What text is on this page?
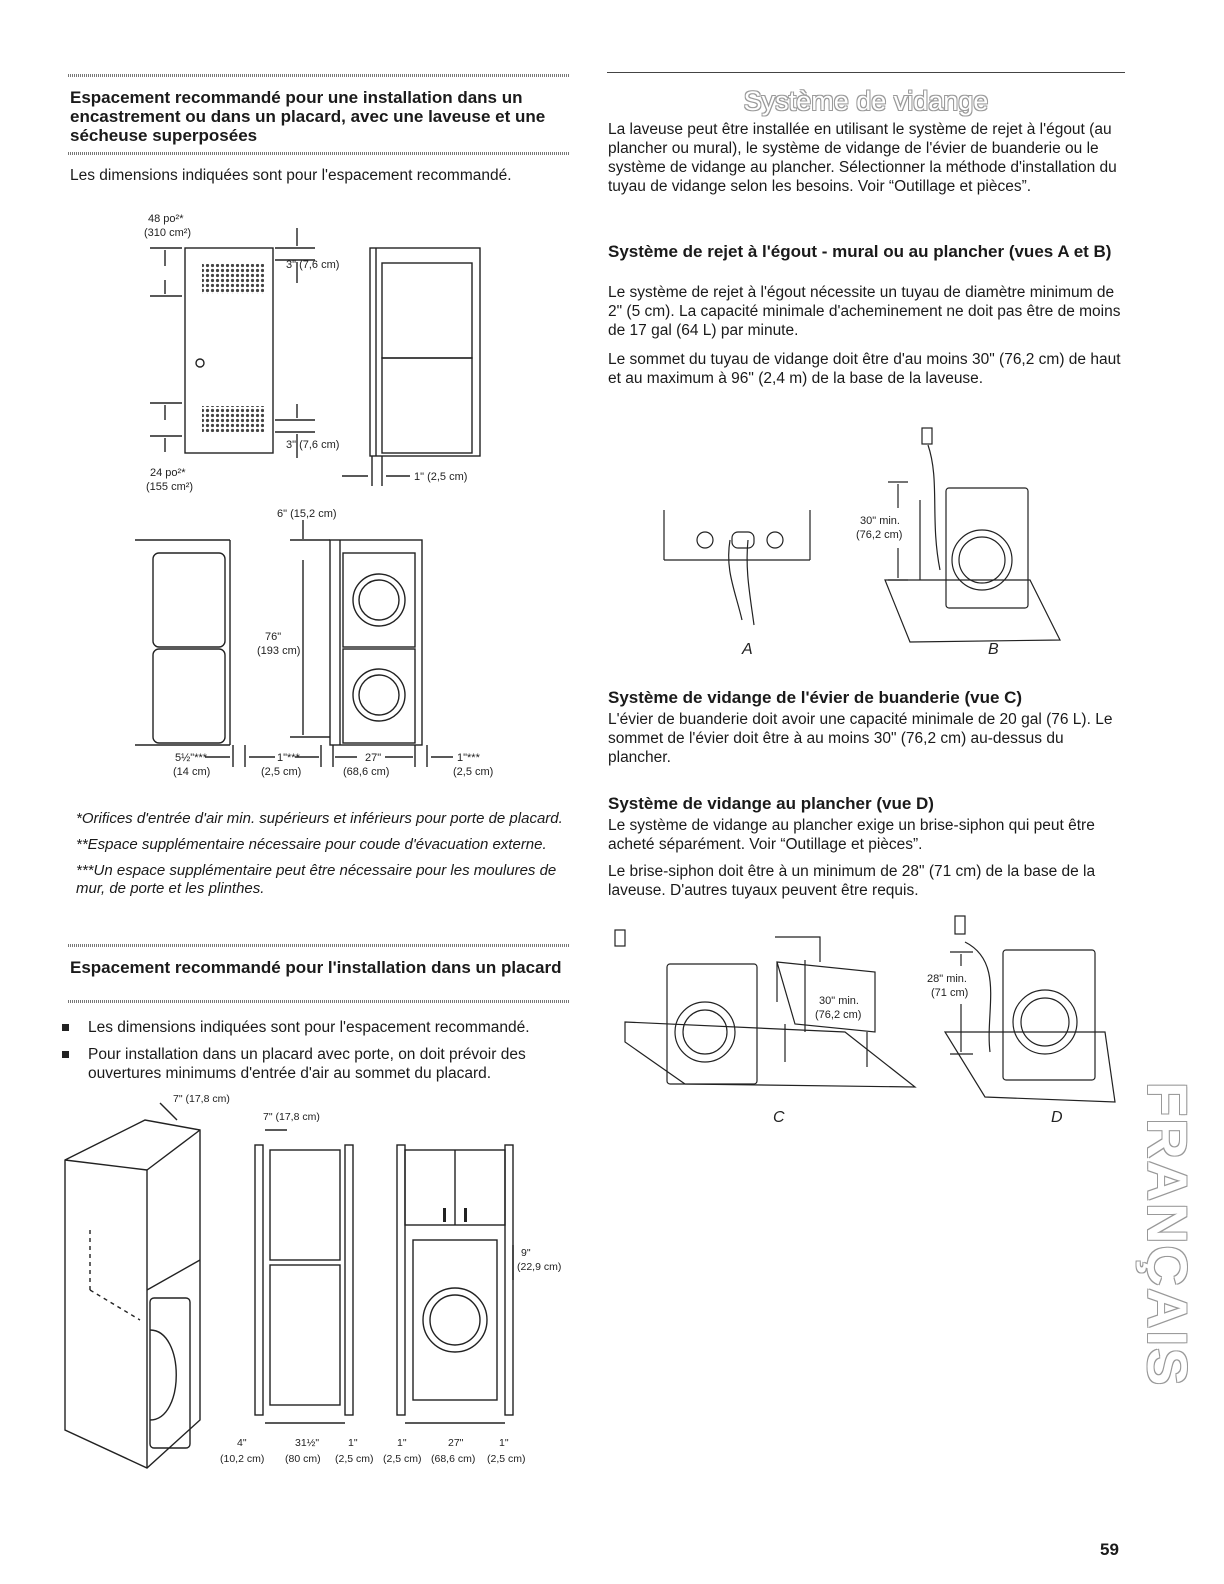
Espacement recommandé pour une installation dans un encastrement ou dans un placard, avec une laveuse et une sécheuse superposées

Les dimensions indiquées sont pour l'espacement recommandé.

48 po²*
(310 cm²)
3" (7,6 cm)
3" (7,6 cm)
24 po²*
(155 cm²)
1" (2,5 cm)
6" (15,2 cm)
76"
(193 cm)
5½"***
(14 cm)
1"***
(2,5 cm)
27"
(68,6 cm)
1"***
(2,5 cm)

*Orifices d'entrée d'air min. supérieurs et inférieurs pour porte de placard.

**Espace supplémentaire nécessaire pour coude d'évacuation externe.

***Un espace supplémentaire peut être nécessaire pour les moulures de mur, de porte et les plinthes.

Espacement recommandé pour l'installation dans un placard
Les dimensions indiquées sont pour l'espacement recommandé.
Pour installation dans un placard avec porte, on doit prévoir des ouvertures minimums d'entrée d'air au sommet du placard.
7" (17,8 cm)
7" (17,8 cm)
9"
(22,9 cm)
4"	31½"	1"	1"	27"	1"
(10,2 cm) (80 cm) (2,5 cm) (2,5 cm) (68,6 cm) (2,5 cm)
Système de vidange

La laveuse peut être installée en utilisant le système de rejet à l'égout (au plancher ou mural), le système de vidange de l'évier de buanderie ou le système de vidange au plancher. Sélectionner la méthode d'installation du tuyau de vidange selon les besoins. Voir “Outillage et pièces”.

Système de rejet à l'égout - mural ou au plancher (vues A et B)

Le système de rejet à l'égout nécessite un tuyau de diamètre minimum de 2" (5 cm). La capacité minimale d'acheminement ne doit pas être de moins de 17 gal (64 L) par minute.

Le sommet du tuyau de vidange doit être d'au moins 30" (76,2 cm) de haut et au maximum à 96" (2,4 m) de la base de la laveuse.

30" min.
(76,2 cm)
A	B
Système de vidange de l'évier de buanderie (vue C)

L'évier de buanderie doit avoir une capacité minimale de 20 gal (76 L). Le sommet de l'évier doit être à au moins 30" (76,2 cm) au-dessus du plancher.

Système de vidange au plancher (vue D)

Le système de vidange au plancher exige un brise-siphon qui peut être acheté séparément. Voir “Outillage et pièces”.

Le brise-siphon doit être à un minimum de 28" (71 cm) de la base de la laveuse. D'autres tuyaux peuvent être requis.

30" min.
(76,2 cm)
28" min.
(71 cm)
C	D FRANÇAIS
59
